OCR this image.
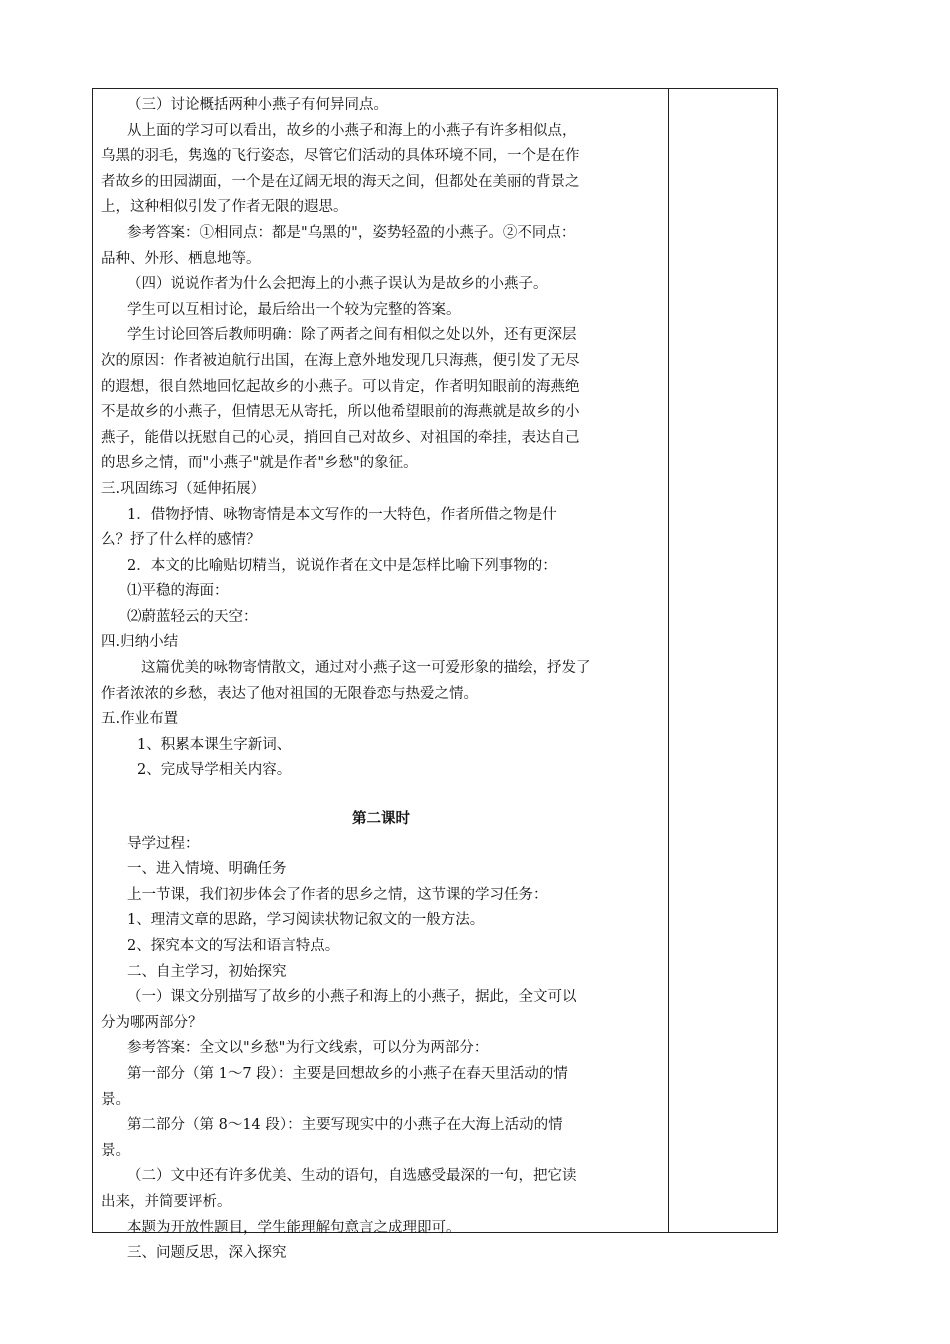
（三）讨论概括两种小燕子有何异同点。

从上面的学习可以看出，故乡的小燕子和海上的小燕子有许多相似点，

乌黑的羽毛，隽逸的飞行姿态，尽管它们活动的具体环境不同，一个是在作

者故乡的田园湖面，一个是在辽阔无垠的海天之间，但都处在美丽的背景之

上，这种相似引发了作者无限的遐思。

参考答案：①相同点：都是"乌黑的"，姿势轻盈的小燕子。②不同点：

品种、外形、栖息地等。

（四）说说作者为什么会把海上的小燕子误认为是故乡的小燕子。

学生可以互相讨论，最后给出一个较为完整的答案。

学生讨论回答后教师明确：除了两者之间有相似之处以外，还有更深层

次的原因：作者被迫航行出国，在海上意外地发现几只海燕，便引发了无尽

的遐想，很自然地回忆起故乡的小燕子。可以肯定，作者明知眼前的海燕绝

不是故乡的小燕子，但情思无从寄托，所以他希望眼前的海燕就是故乡的小

燕子，能借以抚慰自己的心灵，捎回自己对故乡、对祖国的牵挂，表达自己

的思乡之情，而"小燕子"就是作者"乡愁"的象征。

三.巩固练习（延伸拓展）

1．借物抒情、咏物寄情是本文写作的一大特色，作者所借之物是什

么？抒了什么样的感情？

2．本文的比喻贴切精当，说说作者在文中是怎样比喻下列事物的：

⑴平稳的海面：

⑵蔚蓝轻云的天空：

四.归纳小结

这篇优美的咏物寄情散文，通过对小燕子这一可爱形象的描绘，抒发了

作者浓浓的乡愁，表达了他对祖国的无限眷恋与热爱之情。

五.作业布置

1、积累本课生字新词、

2、完成导学相关内容。

第二课时

导学过程：

一、进入情境、明确任务

上一节课，我们初步体会了作者的思乡之情，这节课的学习任务：

1、理清文章的思路，学习阅读状物记叙文的一般方法。

2、探究本文的写法和语言特点。

二、自主学习，初始探究

（一）课文分别描写了故乡的小燕子和海上的小燕子，据此，全文可以

分为哪两部分？

参考答案：全文以"乡愁"为行文线索，可以分为两部分：

第一部分（第 1～7 段）：主要是回想故乡的小燕子在春天里活动的情

景。

第二部分（第 8～14 段）：主要写现实中的小燕子在大海上活动的情

景。

（二）文中还有许多优美、生动的语句，自选感受最深的一句，把它读

出来，并简要评析。

本题为开放性题目，学生能理解句意言之成理即可。

三、问题反思，深入探究
